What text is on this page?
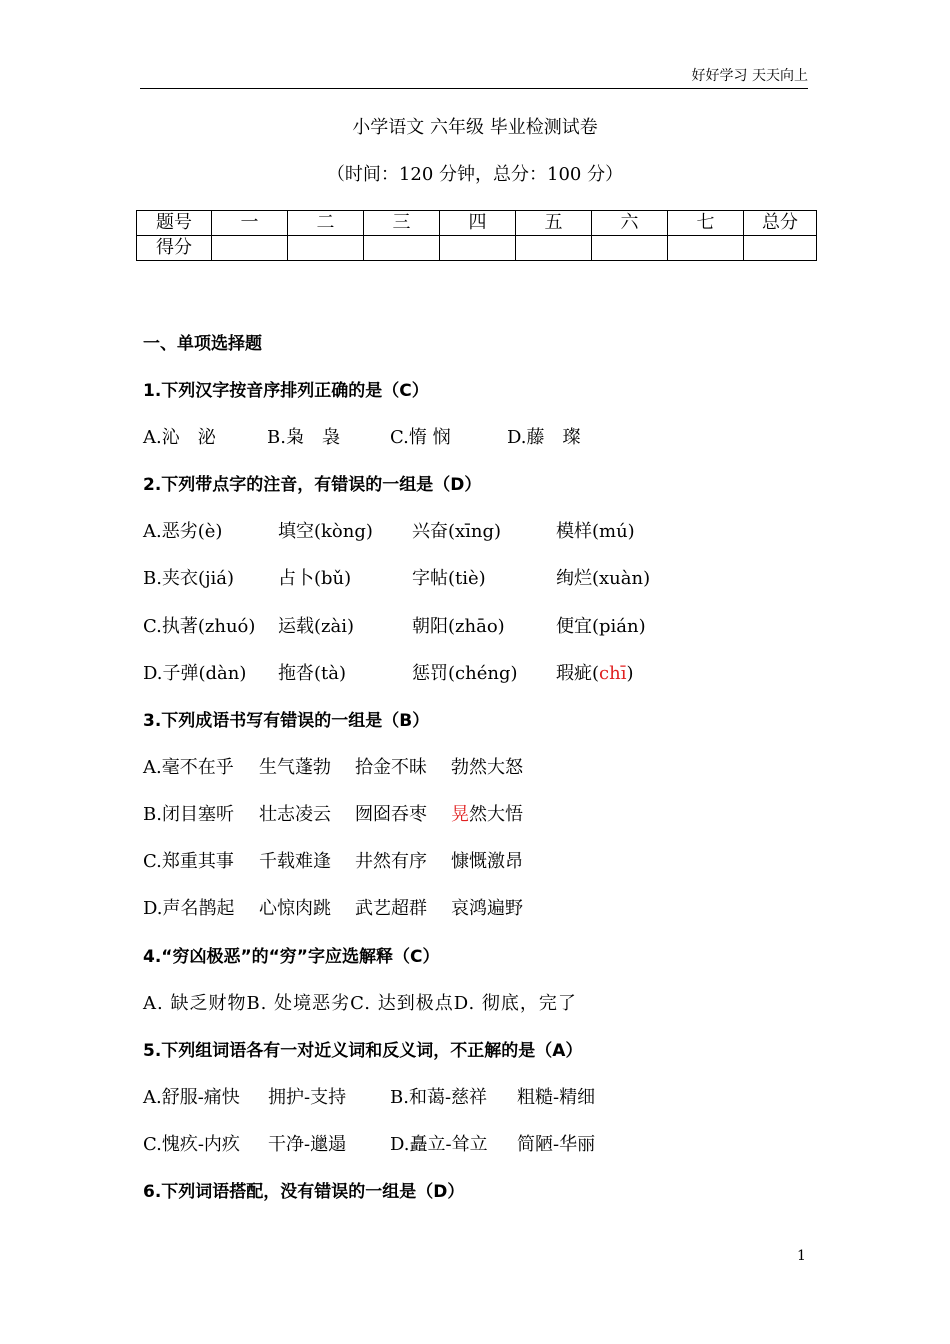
好好学习 天天向上
小学语文 六年级 毕业检测试卷
（时间：120 分钟，总分：100 分）
题号	一	二	三	四	五	六	七	总分
得分								
一、单项选择题
1.下列汉字按音序排列正确的是（C）
A.沁　泌	B.枭　袅	C.惰 悯	D.藤　璨
2.下列带点字的注音，有错误的一组是（D）
A.恶劣(è)	填空(kòng) 兴奋(xīng)	模样(mú)
B.夹衣(jiá) 占卜(bǔ)	字帖(tiè)	绚烂(xuàn)
C.执著(zhuó) 运载(zài)	朝阳(zhāo)	便宜(pián)
D.子弹(dàn) 拖沓(tà)	惩罚(chéng) 瑕疵(chī)
3.下列成语书写有错误的一组是（B）
A.毫不在乎 生气蓬勃 拾金不昧 勃然大怒
B.闭目塞听 壮志凌云 囫囵吞枣 晃然大悟
C.郑重其事 千载难逢 井然有序 慷慨激昂
D.声名鹊起 心惊肉跳 武艺超群 哀鸿遍野
4.“穷凶极恶”的“穷”字应选解释（C）
A. 缺乏财物B. 处境恶劣C. 达到极点D. 彻底，完了
5.下列组词语各有一对近义词和反义词，不正解的是（A）
A.舒服-痛快 拥护-支持 B.和蔼-慈祥 粗糙-精细
C.愧疚-内疚 干净-邋遢 D.矗立-耸立 简陋-华丽
6.下列词语搭配，没有错误的一组是（D）
1
